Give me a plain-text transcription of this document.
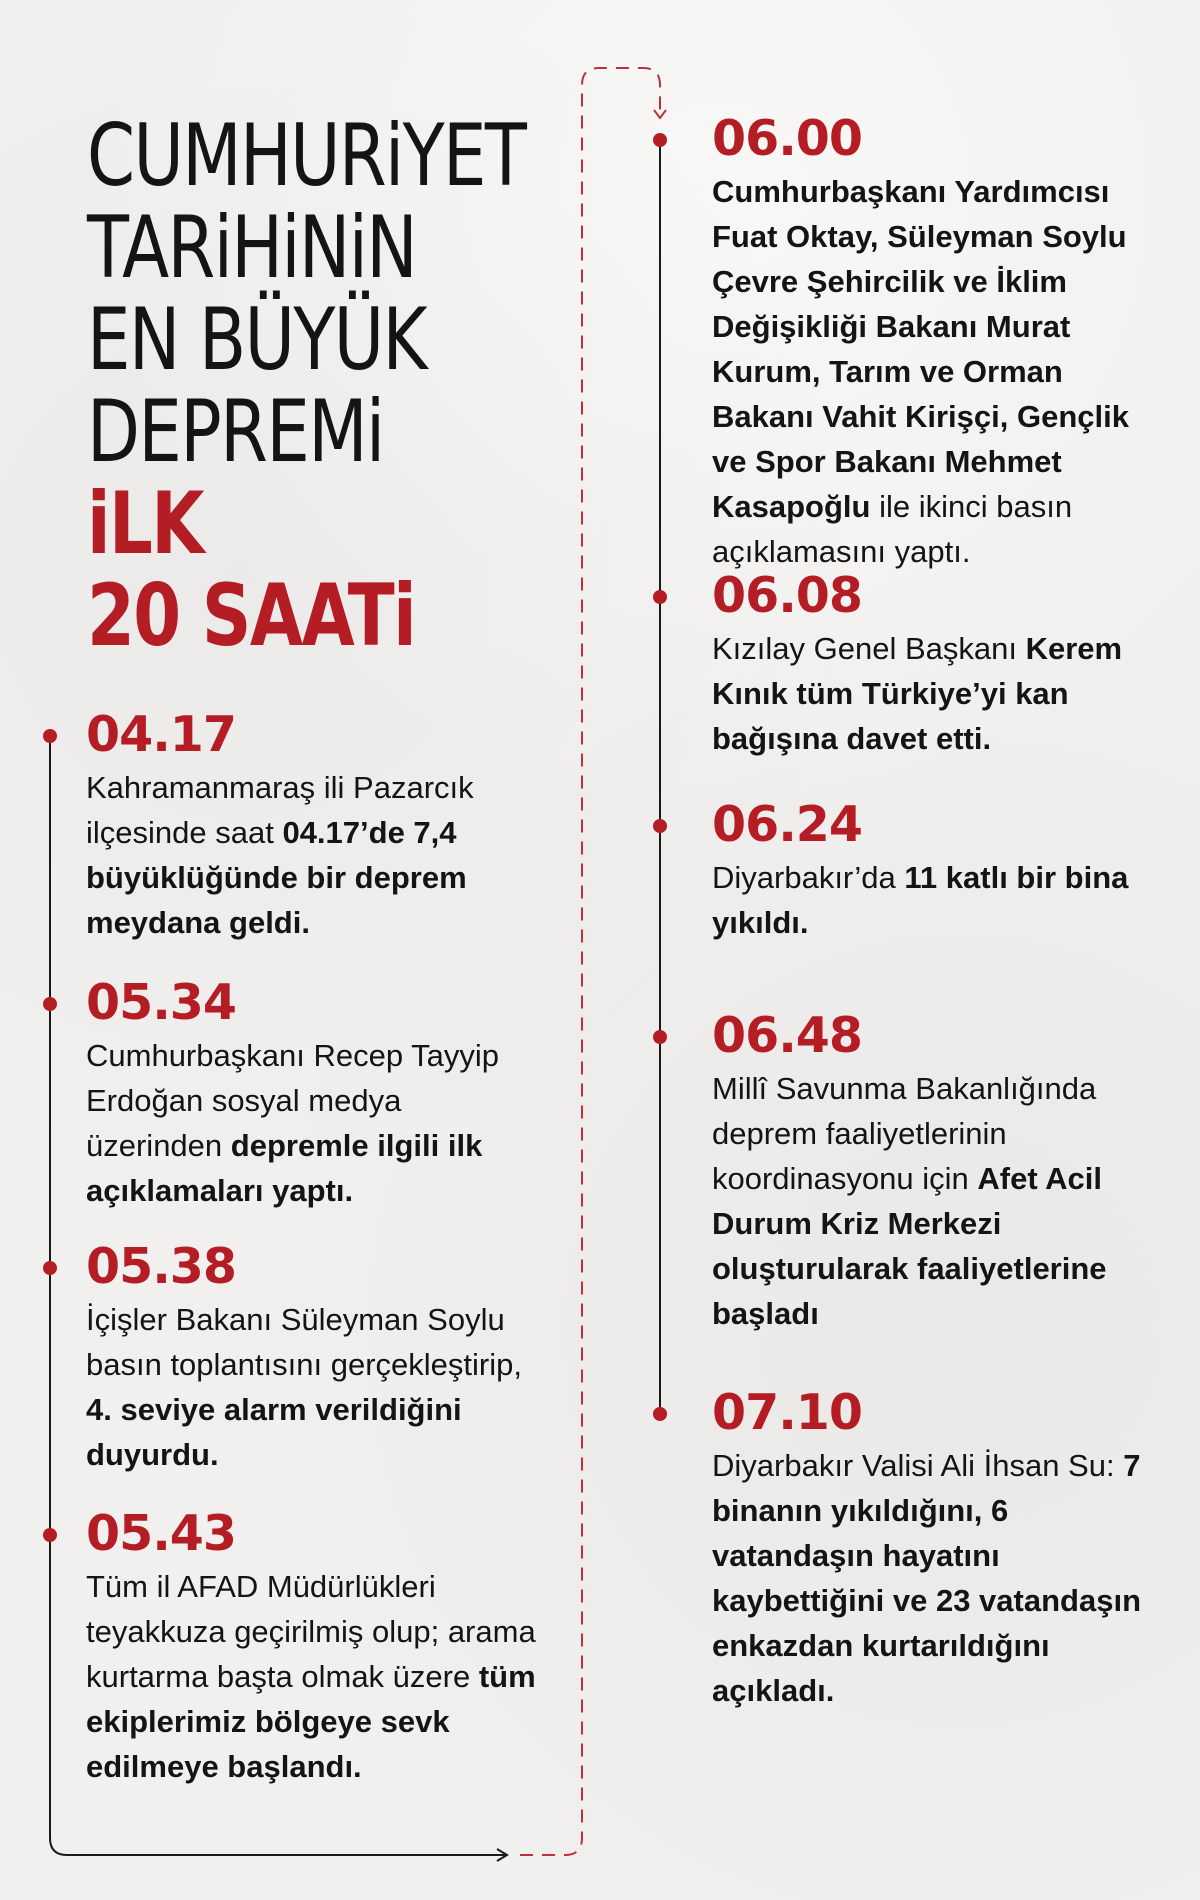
CUMHURiYET
TARiHiNiN
EN BÜYÜK
DEPREMi
iLK
20 SAATi
04.17
Kahramanmaraş ili Pazarcık ilçesinde saat 04.17’de 7,4 büyüklüğünde bir deprem meydana geldi.
05.34
Cumhurbaşkanı Recep Tayyip Erdoğan sosyal medya üzerinden depremle ilgili ilk açıklamaları yaptı.
05.38
İçişler Bakanı Süleyman Soylu basın toplantısını gerçekleştirip, 4. seviye alarm verildiğini duyurdu.
05.43
Tüm il AFAD Müdürlükleri teyakkuza geçirilmiş olup; arama kurtarma başta olmak üzere tüm ekiplerimiz bölgeye sevk edilmeye başlandı.
06.00
Cumhurbaşkanı Yardımcısı Fuat Oktay, Süleyman Soylu Çevre Şehircilik ve İklim Değişikliği Bakanı Murat Kurum, Tarım ve Orman Bakanı Vahit Kirişçi, Gençlik ve Spor Bakanı Mehmet Kasapoğlu ile ikinci basın açıklamasını yaptı.
06.08
Kızılay Genel Başkanı Kerem Kınık tüm Türkiye’yi kan bağışına davet etti.
06.24
Diyarbakır’da 11 katlı bir bina yıkıldı.
06.48
Millî Savunma Bakanlığında deprem faaliyetlerinin koordinasyonu için Afet Acil Durum Kriz Merkezi oluşturularak faaliyetlerine başladı
07.10
Diyarbakır Valisi Ali İhsan Su: 7 binanın yıkıldığını, 6 vatandaşın hayatını kaybettiğini ve 23 vatandaşın enkazdan kurtarıldığını açıkladı.
